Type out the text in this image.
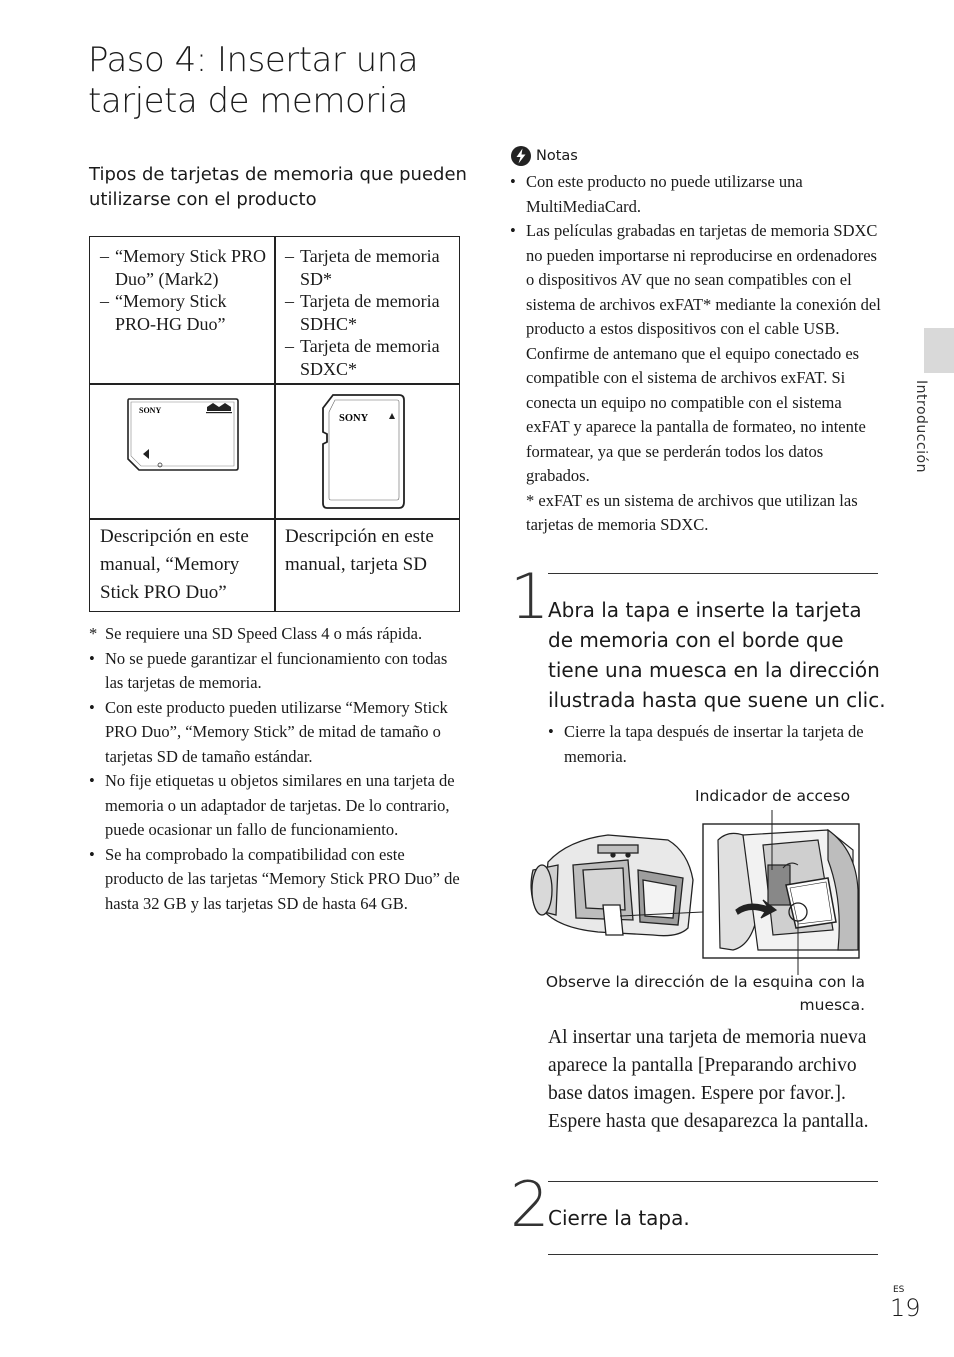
Paso 4: Insertar una
tarjeta de memoria
Tipos de tarjetas de memoria que pueden utilizarse con el producto
– “Memory Stick PRO Duo” (Mark2)
– “Memory Stick PRO-HG Duo”
– Tarjeta de memoria SD*
– Tarjeta de memoria SDHC*
– Tarjeta de memoria SDXC*
SONY
SONY
Descripción en este manual, “Memory Stick PRO Duo”
Descripción en este manual, tarjeta SD
* Se requiere una SD Speed Class 4 o más rápida.
• No se puede garantizar el funcionamiento con todas las tarjetas de memoria.
• Con este producto pueden utilizarse “Memory Stick PRO Duo”, “Memory Stick” de mitad de tamaño o tarjetas SD de tamaño estándar.
• No fije etiquetas u objetos similares en una tarjeta de memoria o un adaptador de tarjetas. De lo contrario, puede ocasionar un fallo de funcionamiento.
• Se ha comprobado la compatibilidad con este producto de las tarjetas “Memory Stick PRO Duo” de hasta 32 GB y las tarjetas SD de hasta 64 GB.
Notas
• Con este producto no puede utilizarse una MultiMediaCard.
• Las películas grabadas en tarjetas de memoria SDXC no pueden importarse ni reproducirse en ordenadores o dispositivos AV que no sean compatibles con el sistema de archivos exFAT* mediante la conexión del producto a estos dispositivos con el cable USB. Confirme de antemano que el equipo conectado es compatible con el sistema de archivos exFAT. Si conecta un equipo no compatible con el sistema exFAT y aparece la pantalla de formateo, no intente formatear, ya que se perderán todos los datos grabados.
* exFAT es un sistema de archivos que utilizan las tarjetas de memoria SDXC.
1
Abra la tapa e inserte la tarjeta de memoria con el borde que tiene una muesca en la dirección ilustrada hasta que suene un clic.
• Cierre la tapa después de insertar la tarjeta de memoria.
Indicador de acceso
Observe la dirección de la esquina con la muesca.
Al insertar una tarjeta de memoria nueva aparece la pantalla [Preparando archivo base datos imagen. Espere por favor.]. Espere hasta que desaparezca la pantalla.
2
Cierre la tapa.
Introducción
ES
19
